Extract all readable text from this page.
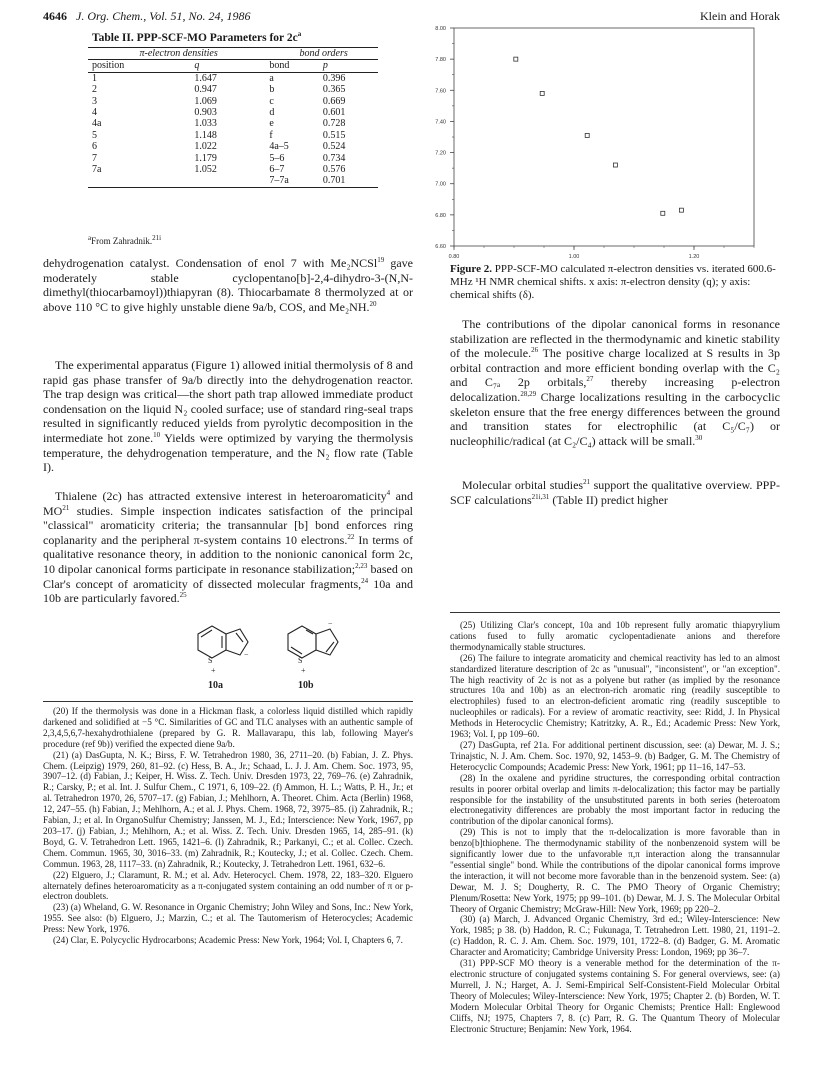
4646 J. Org. Chem., Vol. 51, No. 24, 1986	Klein and Horak
Table II. PPP-SCF-MO Parameters for $2c^a$
π-electron densities		bond orders	
position	q	bond	p
1	1.647	a	0.396
2	0.947	b	0.365
3	1.069	c	0.669
4	0.903	d	0.601
4a	1.033	e	0.728
5	1.148	f	0.515
6	1.022	4a–5	0.524
7	1.179	5–6	0.734
7a	1.052	6–7	0.576
		7–7a	0.701
$^a$From Zahradnik.$^{21i}$
dehydrogenation catalyst. Condensation of enol 7 with Me₂NCSl$^{19}$ gave moderately stable cyclopentano[b]-2,4-dihydro-3-(N,N-dimethyl(thiocarbamoyl))thiapyran (8). Thiocarbamate 8 thermolyzed at or above 110 °C to give highly unstable diene 9a/b, COS, and Me₂NH.$^{20}$
The experimental apparatus (Figure 1) allowed initial thermolysis of 8 and rapid gas phase transfer of 9a/b directly into the dehydrogenation reactor. The trap design was critical—the short path trap allowed immediate product condensation on the liquid N₂ cooled surface; use of standard ring-seal traps resulted in significantly reduced yields from pyrolytic decomposition in the intermediate hot zone.$^{10}$ Yields were optimized by varying the thermolysis temperature, the dehydrogenation temperature, and the N₂ flow rate (Table I).
Thialene (2c) has attracted extensive interest in heteroaromaticity$^4$ and MO$^{21}$ studies. Simple inspection indicates satisfaction of the principal "classical" aromaticity criteria; the transannular [b] bond enforces ring coplanarity and the peripheral π-system contains 10 electrons.$^{22}$ In terms of qualitative resonance theory, in addition to the nonionic canonical form 2c, 10 dipolar canonical forms participate in resonance stabilization;$^{2,23}$ based on Clar's concept of aromaticity of dissected molecular fragments,$^{24}$ 10a and 10b are particularly favored.$^{25}$
S
+
−
S
+
−
10a	10b

(20) If the thermolysis was done in a Hickman flask, a colorless liquid distilled which rapidly darkened and solidified at −5 °C. Similarities of GC and TLC analyses with an authentic sample of 2,3,4,5,6,7-hexahydrothialene (prepared by G. R. Mallavarapu, this lab, following Mayer's procedure (ref 9b)) verified the expected diene 9a/b.

(21) (a) DasGupta, N. K.; Birss, F. W. Tetrahedron 1980, 36, 2711–20. (b) Fabian, J. Z. Phys. Chem. (Leipzig) 1979, 260, 81–92. (c) Hess, B. A., Jr.; Schaad, L. J. J. Am. Chem. Soc. 1973, 95, 3907–12. (d) Fabian, J.; Keiper, H. Wiss. Z. Tech. Univ. Dresden 1973, 22, 769–76. (e) Zahradnik, R.; Carsky, P.; et al. Int. J. Sulfur Chem., C 1971, 6, 109–22. (f) Ammon, H. L.; Watts, P. H., Jr.; et al. Tetrahedron 1970, 26, 5707–17. (g) Fabian, J.; Mehlhorn, A. Theoret. Chim. Acta (Berlin) 1968, 12, 247–55. (h) Fabian, J.; Mehlhorn, A.; et al. J. Phys. Chem. 1968, 72, 3975–85. (i) Zahradnik, R.; Fabian, J.; et al. In OrganoSulfur Chemistry; Janssen, M. J., Ed.; Interscience: New York, 1967, pp 203–17. (j) Fabian, J.; Mehlhorn, A.; et al. Wiss. Z. Tech. Univ. Dresden 1965, 14, 285–91. (k) Boyd, G. V. Tetrahedron Lett. 1965, 1421–6. (l) Zahradnik, R.; Parkanyi, C.; et al. Collec. Czech. Chem. Commun. 1965, 30, 3016–33. (m) Zahradnik, R.; Koutecky, J.; et al. Collec. Czech. Chem. Commun. 1963, 28, 1117–33. (n) Zahradnik, R.; Koutecky, J. Tetrahedron Lett. 1961, 632–6.

(22) Elguero, J.; Claramunt, R. M.; et al. Adv. Heterocycl. Chem. 1978, 22, 183–320. Elguero alternately defines heteroaromaticity as a π-conjugated system containing an odd number of π or p-electron doublets.

(23) (a) Wheland, G. W. Resonance in Organic Chemistry; John Wiley and Sons, Inc.: New York, 1955. See also: (b) Elguero, J.; Marzin, C.; et al. The Tautomerism of Heterocycles; Academic Press: New York, 1976.

(24) Clar, E. Polycyclic Hydrocarbons; Academic Press: New York, 1964; Vol. I, Chapters 6, 7.

8.00
7.80
7.60
7.40
7.20
7.00
6.80
6.60
0.80	1.00	1.20
Figure 2. PPP-SCF-MO calculated π-electron densities vs. iterated 600.6-MHz ¹H NMR chemical shifts. x axis: π-electron density (q); y axis: chemical shifts (δ).
The contributions of the dipolar canonical forms in resonance stabilization are reflected in the thermodynamic and kinetic stability of the molecule.$^{26}$ The positive charge localized at S results in 3p orbital contraction and more efficient bonding overlap with the C₂ and C₇ₐ 2p orbitals,$^{27}$ thereby increasing p-electron delocalization.$^{28,29}$ Charge localizations resulting in the carbocyclic skeleton ensure that the free energy differences between the ground and transition states for electrophilic (at C₅/C₇) or nucleophilic/radical (at C₂/C₄) attack will be small.$^{30}$
Molecular orbital studies$^{21}$ support the qualitative overview. PPP-SCF calculations$^{21i,31}$ (Table II) predict higher

(25) Utilizing Clar's concept, 10a and 10b represent fully aromatic thiapyrylium cations fused to fully aromatic cyclopentadienate anions and therefore thermodynamically stable structures.

(26) The failure to integrate aromaticity and chemical reactivity has led to an almost standardized literature description of 2c as "unusual", "inconsistent", or "an exception". The high reactivity of 2c is not as a polyene but rather (as implied by the resonance structures 10a and 10b) as an electron-rich aromatic ring (readily susceptible to electrophiles) fused to an electron-deficient aromatic ring (readily susceptible to nucleophiles or radicals). For a review of aromatic reactivity, see: Ridd, J. In Physical Methods in Heterocyclic Chemistry; Katritzky, A. R., Ed.; Academic Press: New York, 1963; Vol. I, pp 109–60.

(27) DasGupta, ref 21a. For additional pertinent discussion, see: (a) Dewar, M. J. S.; Trinajstic, N. J. Am. Chem. Soc. 1970, 92, 1453–9. (b) Badger, G. M. The Chemistry of Heterocyclic Compounds; Academic Press: New York, 1961; pp 11–16, 147–53.

(28) In the oxalene and pyridine structures, the corresponding orbital contraction results in poorer orbital overlap and limits π-delocalization; this factor may be partially responsible for the instability of the unsubstituted parents in both series (heteroatom electronegativity differences are probably the most important factor in reducing the contribution of the dipolar canonical forms).

(29) This is not to imply that the π-delocalization is more favorable than in benzo[b]thiophene. The thermodynamic stability of the nonbenzenoid system will be significantly lower due to the unfavorable π,π interaction along the transannular "essential single" bond. While the contributions of the dipolar canonical forms improve the interaction, it will not become more favorable than in the benzenoid system. See: (a) Dewar, M. J. S; Dougherty, R. C. The PMO Theory of Organic Chemistry; Plenum/Rosetta: New York, 1975; pp 99–101. (b) Dewar, M. J. S. The Molecular Orbital Theory of Organic Chemistry; McGraw-Hill: New York, 1969; pp 220–2.

(30) (a) March, J. Advanced Organic Chemistry, 3rd ed.; Wiley-Interscience: New York, 1985; p 38. (b) Haddon, R. C.; Fukunaga, T. Tetrahedron Lett. 1980, 21, 1191–2. (c) Haddon, R. C. J. Am. Chem. Soc. 1979, 101, 1722–8. (d) Badger, G. M. Aromatic Character and Aromaticity; Cambridge University Press: London, 1969; pp 36–7.

(31) PPP-SCF MO theory is a venerable method for the determination of the π-electronic structure of conjugated systems containing S. For general overviews, see: (a) Murrell, J. N.; Harget, A. J. Semi-Empirical Self-Consistent-Field Molecular Orbital Theory of Molecules; Wiley-Interscience: New York, 1975; Chapter 2. (b) Borden, W. T. Modern Molecular Orbital Theory for Organic Chemists; Prentice Hall: Englewood Cliffs, NJ; 1975, Chapters 7, 8. (c) Parr, R. G. The Quantum Theory of Molecular Electronic Structure; Benjamin: New York, 1964.
